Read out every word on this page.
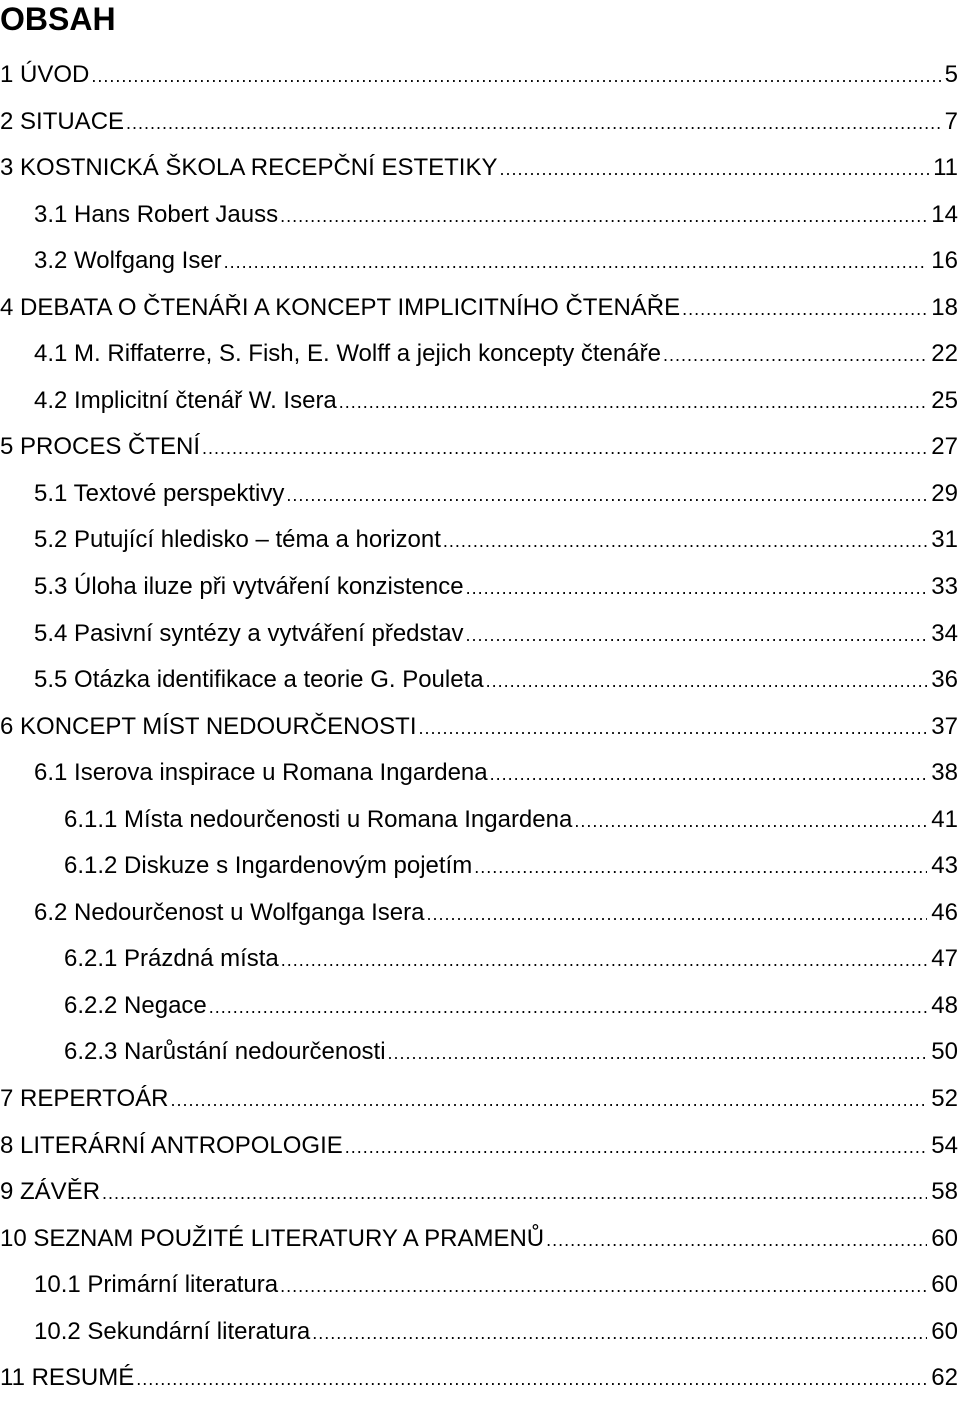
OBSAH
1 ÚVOD .....	5
2 SITUACE .....	7
3 KOSTNICKÁ ŠKOLA RECEPČNÍ ESTETIKY .....	11
3.1 Hans Robert Jauss .....	14
3.2 Wolfgang Iser .....	16
4 DEBATA O ČTENÁŘI A KONCEPT IMPLICITNÍHO ČTENÁŘE .....	18
4.1 M. Riffaterre, S. Fish, E. Wolff a jejich koncepty čtenáře .....	22
4.2 Implicitní čtenář W. Isera .....	25
5 PROCES ČTENÍ .....	27
5.1 Textové perspektivy .....	29
5.2 Putující hledisko – téma a horizont .....	31
5.3 Úloha iluze při vytváření konzistence .....	33
5.4 Pasivní syntézy a vytváření představ .....	34
5.5 Otázka identifikace a teorie G. Pouleta .....	36
6 KONCEPT MÍST NEDOURČENOSTI .....	37
6.1 Iserova inspirace u Romana Ingardena .....	38
6.1.1 Místa nedourčenosti u Romana Ingardena .....	41
6.1.2 Diskuze s Ingardenovým pojetím .....	43
6.2 Nedourčenost u Wolfganga Isera .....	46
6.2.1 Prázdná místa .....	47
6.2.2 Negace .....	48
6.2.3 Narůstání nedourčenosti .....	50
7 REPERTOÁR .....	52
8 LITERÁRNÍ ANTROPOLOGIE .....	54
9 ZÁVĚR .....	58
10 SEZNAM POUŽITÉ LITERATURY A PRAMENŮ .....	60
10.1 Primární literatura .....	60
10.2 Sekundární literatura .....	60
11 RESUMÉ .....	62
